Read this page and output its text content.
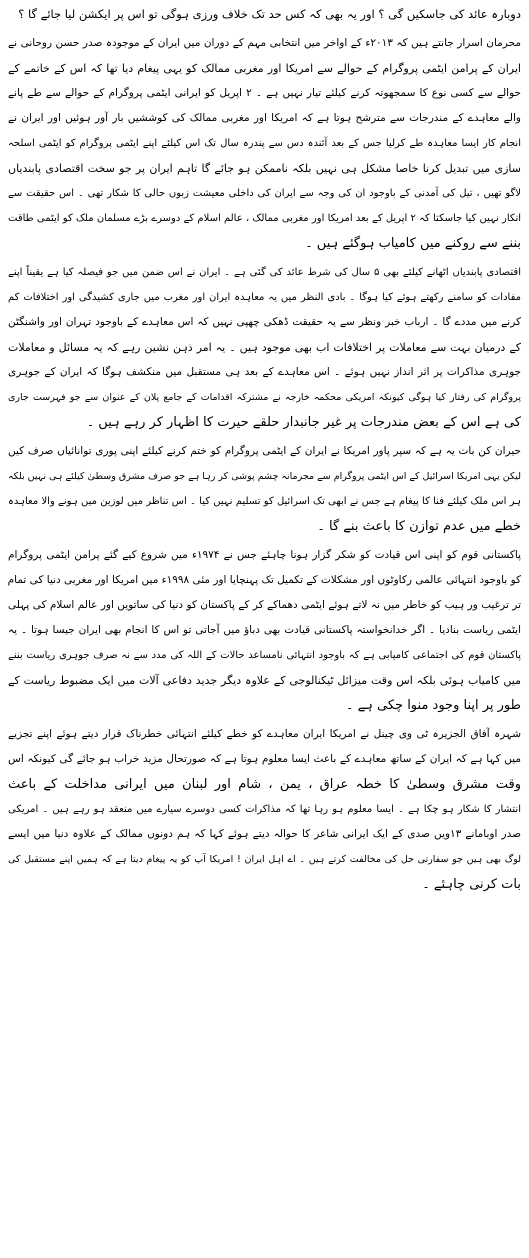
دوبارہ عائد کی جاسکیں گی ؟ اور یہ بھی کہ کس حد تک خلاف ورزی ہوگی تو اس پر ایکشن لیا جائے گا ؟
محرمان اسرار جانتے ہیں کہ ۲۰۱۳ء کے اواخر میں انتخابی مہم کے دوران میں ایران کے موجودہ صدر حسن روحانی نے
ایران کے پرامن ایٹمی پروگرام کے حوالے سے امریکا اور مغربی ممالک کو یہی پیغام دیا تھا کہ اس کے خاتمے کے
حوالے سے کسی نوع کا سمجھوتہ کرنے کیلئے تیار نہیں ہے ۔ ۲ اپریل کو ایرانی ایٹمی پروگرام کے حوالے سے طے پانے
والے معاہدے کے مندرجات سے مترشح ہوتا ہے کہ امریکا اور مغربی ممالک کی کوششیں بار آور ہوئیں اور ایران نے
انجام کار ایسا معاہدہ طے کرلیا جس کے بعد آئندہ دس سے پندرہ سال تک اس کیلئے اپنے ایٹمی پروگرام کو ایٹمی اسلحہ
سازی میں تبدیل کرنا خاصا مشکل ہی نہیں بلکہ ناممکن ہو جائے گا تاہم ایران پر جو سخت اقتصادی پابندیاں
لاگو تھیں ، تیل کی آمدنی کے باوجود ان کی وجہ سے ایران کی داخلی معیشت زبوں حالی کا شکار تھی ۔ اس حقیقت سے
انکار نہیں کیا جاسکتا کہ ۲ اپریل کے بعد امریکا اور مغربی ممالک ، عالم اسلام کے دوسرے بڑے مسلمان ملک کو ایٹمی طاقت
بننے سے روکنے میں کامیاب ہوگئے ہیں ۔
اقتصادی پابندیاں اٹھانے کیلئے بھی ۵ سال کی شرط عائد کی گئی ہے ۔ ایران نے اس ضمن میں جو فیصلہ کیا ہے یقیناً اپنے
مفادات کو سامنے رکھتے ہوئے کیا ہوگا ۔ بادی النظر میں یہ معاہدہ ایران اور مغرب میں جاری کشیدگی اور اختلافات کم
کرنے میں مددے گا ۔ ارباب خبر ونظر سے یہ حقیقت ڈھکی چھپی نہیں کہ اس معاہدے کے باوجود تہران اور واشنگٹن
کے درمیان بہت سے معاملات پر اختلافات اب بھی موجود ہیں ۔ یہ امر ذہن نشین رہے کہ یہ مسائل و معاملات
جوہری مذاکرات پر اثر انداز نہیں ہوئے ۔ اس معاہدے کے بعد ہی مستقبل میں منکشف ہوگا کہ ایران کے جوہری
پروگرام کی رفتار کیا ہوگی کیونکہ امریکی محکمہ خارجہ نے مشترکہ اقدامات کے جامع پلان کے عنوان سے جو فہرست جاری
کی ہے اس کے بعض مندرجات پر غیر جانبدار حلقے حیرت کا اظہار کر رہے ہیں ۔
حیران کن بات یہ ہے کہ سپر پاور امریکا نے ایران کے ایٹمی پروگرام کو ختم کرنے کیلئے اپنی پوری توانائیاں صرف کیں
لیکن یہی امریکا اسرائیل کے اس ایٹمی پروگرام سے مجرمانہ چشم پوشی کر رہا ہے جو صرف مشرق وسطیٰ کیلئے ہی نہیں بلکہ
ہر اس ملک کیلئے فنا کا پیغام ہے جس نے ابھی تک اسرائیل کو تسلیم نہیں کیا ۔ اس تناظر میں لوزین میں ہونے والا معاہدہ
خطے میں عدم توازن کا باعث بنے گا ۔
پاکستانی قوم کو اپنی اس قیادت کو شکر گزار ہونا چاہئے جس نے ۱۹۷۴ء میں شروع کیے گئے پرامن ایٹمی پروگرام
کو باوجود انتہائی عالمی رکاوٹوں اور مشکلات کے تکمیل تک پہنچایا اور مئی ۱۹۹۸ء میں امریکا اور مغربی دنیا کی تمام
تر ترغیب ور ہیب کو خاطر میں نہ لاتے ہوئے ایٹمی دھماکے کر کے پاکستان کو دنیا کی ساتویں اور عالم اسلام کی پہلی
ایٹمی ریاست بنادیا ۔ اگر خدانخواستہ پاکستانی قیادت بھی دباؤ میں آجاتی تو اس کا انجام بھی ایران جیسا ہوتا ۔ یہ
پاکستان قوم کی اجتماعی کامیابی ہے کہ باوجود انتہائی نامساعد حالات کے اللہ کی مدد سے نہ صرف جوہری ریاست بننے
میں کامیاب ہوئی بلکہ اس وقت میزائل ٹیکنالوجی کے علاوہ دیگر جدید دفاعی آلات میں ایک مضبوط ریاست کے
طور پر اپنا وجود منوا چکی ہے ۔
شہرہ آفاق الجزیرہ ٹی وی چینل نے امریکا ایران معاہدے کو خطے کیلئے انتہائی خطرناک قرار دیتے ہوئے اپنے تجزیے
میں کہا ہے کہ ایران کے ساتھ معاہدے کے باعث ایسا معلوم ہوتا ہے کہ صورتحال مزید خراب ہو جائے گی کیونکہ اس
وقت مشرق وسطیٰ کا خطہ عراق ، یمن ، شام اور لبنان میں ایرانی مداخلت کے باعث
انتشار کا شکار ہو چکا ہے ۔ ایسا معلوم ہو رہا تھا کہ مذاکرات کسی دوسرے سیارے میں منعقد ہو رہے ہیں ۔ امریکی
صدر اوبامانے ۱۳ویں صدی کے ایک ایرانی شاعر کا حوالہ دیتے ہوئے کہا کہ ہم دونوں ممالک کے علاوہ دنیا میں ایسے
لوگ بھی ہیں جو سفارتی حل کی مخالفت کرتے ہیں ۔ اے اہل ایران ! امریکا آپ کو یہ پیغام دیتا ہے کہ ہمیں اپنے مستقبل کی
بات کرنی چاہئے ۔
